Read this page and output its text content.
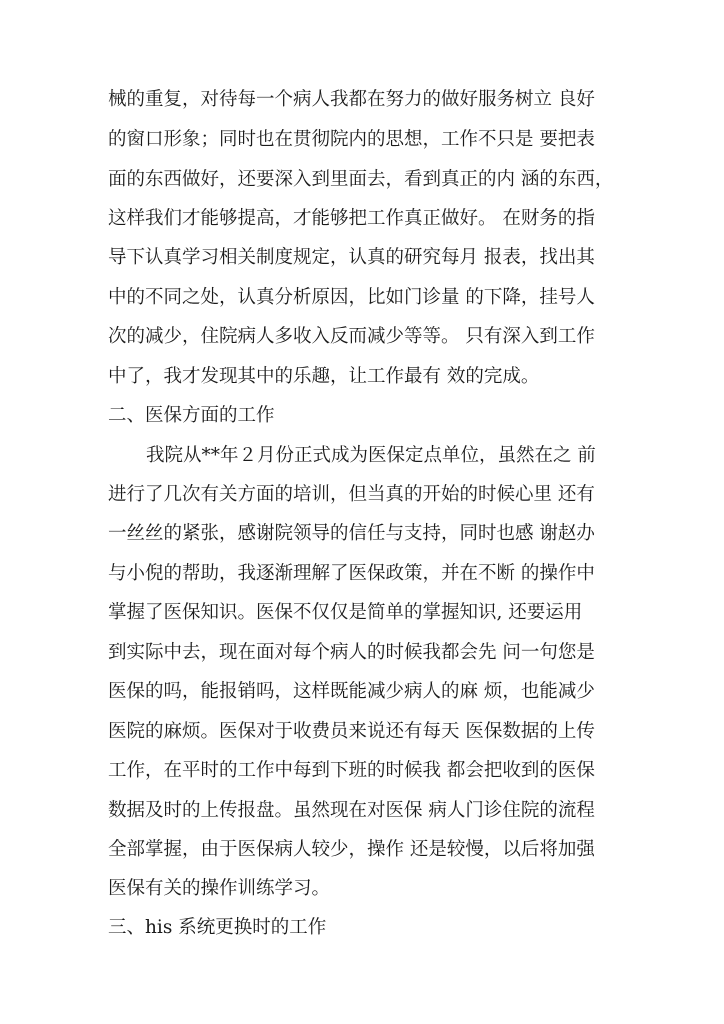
械的重复，对待每一个病人我都在努力的做好服务树立 良好
的窗口形象；同时也在贯彻院内的思想，工作不只是 要把表
面的东西做好，还要深入到里面去，看到真正的内 涵的东西，
这样我们才能够提高，才能够把工作真正做好。 在财务的指
导下认真学习相关制度规定，认真的研究每月 报表，找出其
中的不同之处，认真分析原因，比如门诊量 的下降，挂号人
次的减少，住院病人多收入反而减少等等。 只有深入到工作
中了，我才发现其中的乐趣，让工作最有 效的完成。
二、医保方面的工作
我院从**年２月份正式成为医保定点单位，虽然在之 前
进行了几次有关方面的培训，但当真的开始的时候心里 还有
一丝丝的紧张，感谢院领导的信任与支持，同时也感 谢赵办
与小倪的帮助，我逐渐理解了医保政策，并在不断 的操作中
掌握了医保知识。医保不仅仅是简单的掌握知识, 还要运用
到实际中去，现在面对每个病人的时候我都会先 问一句您是
医保的吗，能报销吗，这样既能减少病人的麻 烦，也能减少
医院的麻烦。医保对于收费员来说还有每天 医保数据的上传
工作，在平时的工作中每到下班的时候我 都会把收到的医保
数据及时的上传报盘。虽然现在对医保 病人门诊住院的流程
全部掌握，由于医保病人较少，操作 还是较慢，以后将加强
医保有关的操作训练学习。
三、his 系统更换时的工作
